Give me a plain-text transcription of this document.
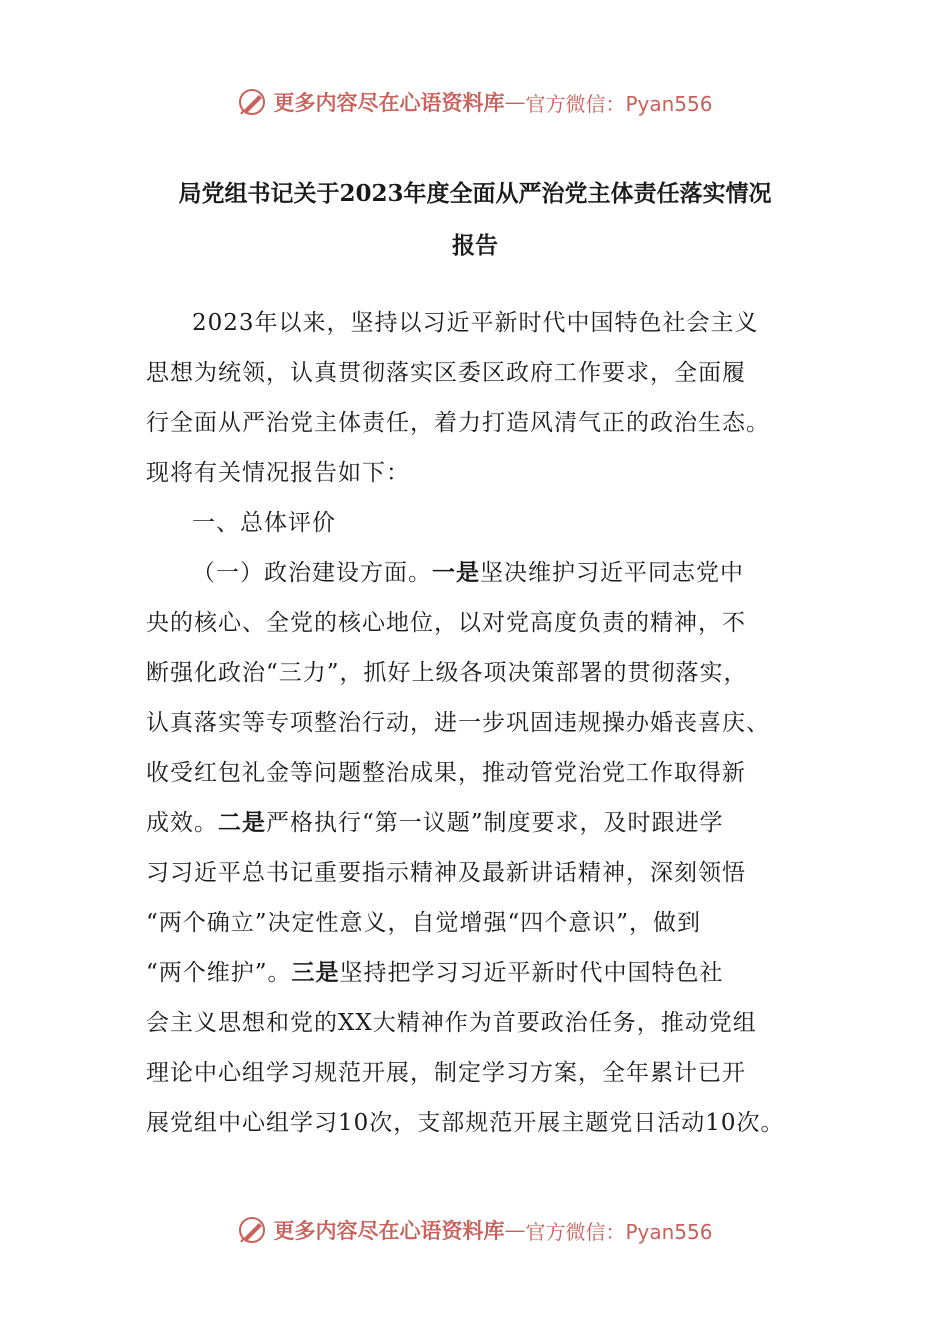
更多内容尽在心语资料库 — 官方微信：Pyan556
局党组书记关于2023年度全面从严治党主体责任落实情况
报告

2023年以来，坚持以习近平新时代中国特色社会主义
思想为统领，认真贯彻落实区委区政府工作要求，全面履
行全面从严治党主体责任，着力打造风清气正的政治生态。
现将有关情况报告如下：

一、总体评价

（一）政治建设方面。一是坚决维护习近平同志党中
央的核心、全党的核心地位，以对党高度负责的精神，不
断强化政治“三力”，抓好上级各项决策部署的贯彻落实，
认真落实等专项整治行动，进一步巩固违规操办婚丧喜庆、
收受红包礼金等问题整治成果，推动管党治党工作取得新
成效。二是严格执行“第一议题”制度要求，及时跟进学
习习近平总书记重要指示精神及最新讲话精神，深刻领悟
“两个确立”决定性意义，自觉增强“四个意识”，做到
“两个维护”。三是坚持把学习习近平新时代中国特色社
会主义思想和党的XX大精神作为首要政治任务，推动党组
理论中心组学习规范开展，制定学习方案，全年累计已开
展党组中心组学习10次，支部规范开展主题党日活动10次。

更多内容尽在心语资料库 — 官方微信：Pyan556
